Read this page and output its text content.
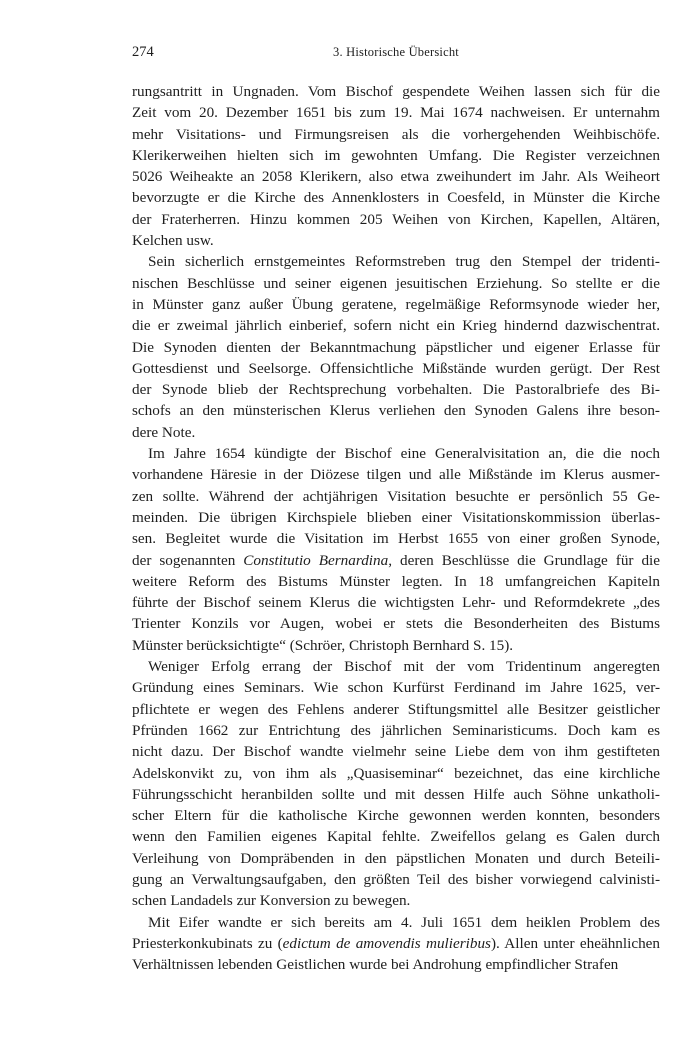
274	3. Historische Übersicht

rungsantritt in Ungnaden. Vom Bischof gespendete Weihen lassen sich für die
Zeit vom 20. Dezember 1651 bis zum 19. Mai 1674 nachweisen. Er unternahm
mehr Visitations- und Firmungsreisen als die vorhergehenden Weihbischöfe.
Klerikerweihen hielten sich im gewohnten Umfang. Die Register verzeichnen
5026 Weiheakte an 2058 Klerikern, also etwa zweihundert im Jahr. Als Weiheort
bevorzugte er die Kirche des Annenklosters in Coesfeld, in Münster die Kirche
der Fraterherren. Hinzu kommen 205 Weihen von Kirchen, Kapellen, Altären,
Kelchen usw.

Sein sicherlich ernstgemeintes Reformstreben trug den Stempel der tridenti-
nischen Beschlüsse und seiner eigenen jesuitischen Erziehung. So stellte er die
in Münster ganz außer Übung geratene, regelmäßige Reformsynode wieder her,
die er zweimal jährlich einberief, sofern nicht ein Krieg hindernd dazwischentrat.
Die Synoden dienten der Bekanntmachung päpstlicher und eigener Erlasse für
Gottesdienst und Seelsorge. Offensichtliche Mißstände wurden gerügt. Der Rest
der Synode blieb der Rechtsprechung vorbehalten. Die Pastoralbriefe des Bi-
schofs an den münsterischen Klerus verliehen den Synoden Galens ihre beson-
dere Note.

Im Jahre 1654 kündigte der Bischof eine Generalvisitation an, die die noch
vorhandene Häresie in der Diözese tilgen und alle Mißstände im Klerus ausmer-
zen sollte. Während der achtjährigen Visitation besuchte er persönlich 55 Ge-
meinden. Die übrigen Kirchspiele blieben einer Visitationskommission überlas-
sen. Begleitet wurde die Visitation im Herbst 1655 von einer großen Synode,
der sogenannten Constitutio Bernardina, deren Beschlüsse die Grundlage für die
weitere Reform des Bistums Münster legten. In 18 umfangreichen Kapiteln
führte der Bischof seinem Klerus die wichtigsten Lehr- und Reformdekrete „des
Trienter Konzils vor Augen, wobei er stets die Besonderheiten des Bistums
Münster berücksichtigte“ (Schröer, Christoph Bernhard S. 15).

Weniger Erfolg errang der Bischof mit der vom Tridentinum angeregten
Gründung eines Seminars. Wie schon Kurfürst Ferdinand im Jahre 1625, ver-
pflichtete er wegen des Fehlens anderer Stiftungsmittel alle Besitzer geistlicher
Pfründen 1662 zur Entrichtung des jährlichen Seminaristicums. Doch kam es
nicht dazu. Der Bischof wandte vielmehr seine Liebe dem von ihm gestifteten
Adelskonvikt zu, von ihm als „Quasiseminar“ bezeichnet, das eine kirchliche
Führungsschicht heranbilden sollte und mit dessen Hilfe auch Söhne unkatholi-
scher Eltern für die katholische Kirche gewonnen werden konnten, besonders
wenn den Familien eigenes Kapital fehlte. Zweifellos gelang es Galen durch
Verleihung von Dompräbenden in den päpstlichen Monaten und durch Beteili-
gung an Verwaltungsaufgaben, den größten Teil des bisher vorwiegend calvinisti-
schen Landadels zur Konversion zu bewegen.

Mit Eifer wandte er sich bereits am 4. Juli 1651 dem heiklen Problem des
Priesterkonkubinats zu (edictum de amovendis mulieribus). Allen unter eheähnlichen
Verhältnissen lebenden Geistlichen wurde bei Androhung empfindlicher Strafen
